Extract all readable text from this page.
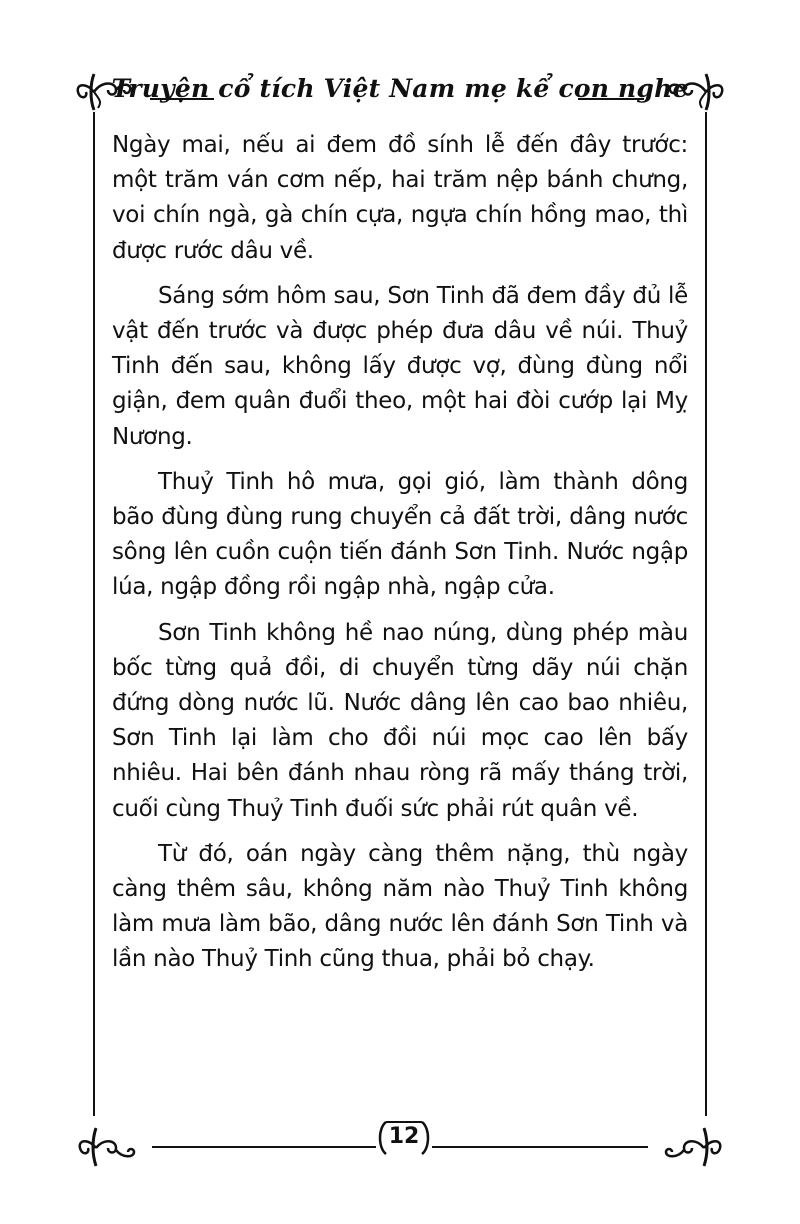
Truyện cổ tích Việt Nam mẹ kể con nghe

Ngày mai, nếu ai đem đồ sính lễ đến đây trước: một trăm ván cơm nếp, hai trăm nệp bánh chưng, voi chín ngà, gà chín cựa, ngựa chín hồng mao, thì được rước dâu về.

Sáng sớm hôm sau, Sơn Tinh đã đem đầy đủ lễ vật đến trước và được phép đưa dâu về núi. Thuỷ Tinh đến sau, không lấy được vợ, đùng đùng nổi giận, đem quân đuổi theo, một hai đòi cướp lại Mỵ Nương.

Thuỷ Tinh hô mưa, gọi gió, làm thành dông bão đùng đùng rung chuyển cả đất trời, dâng nước sông lên cuồn cuộn tiến đánh Sơn Tinh. Nước ngập lúa, ngập đồng rồi ngập nhà, ngập cửa.

Sơn Tinh không hề nao núng, dùng phép màu bốc từng quả đồi, di chuyển từng dãy núi chặn đứng dòng nước lũ. Nước dâng lên cao bao nhiêu, Sơn Tinh lại làm cho đồi núi mọc cao lên bấy nhiêu. Hai bên đánh nhau ròng rã mấy tháng trời, cuối cùng Thuỷ Tinh đuối sức phải rút quân về.

Từ đó, oán ngày càng thêm nặng, thù ngày càng thêm sâu, không năm nào Thuỷ Tinh không làm mưa làm bão, dâng nước lên đánh Sơn Tinh và lần nào Thuỷ Tinh cũng thua, phải bỏ chạy.

12
